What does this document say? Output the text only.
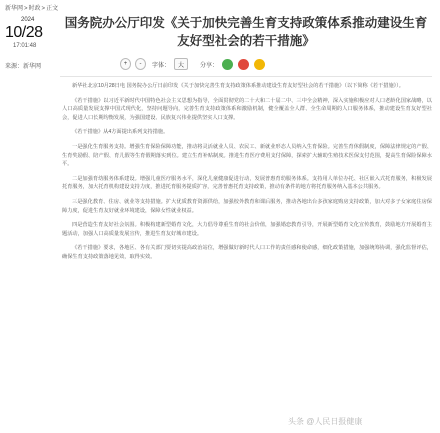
新华网>时政>正文
2024
10/28
17:01:48
来源：新华网
国务院办公厅印发《关于加快完善生育支持政策体系推动建设生育友好型社会的若干措施》
+	-	字体：	大	分享：

新华社北京10月28日电 国务院办公厅日前印发《关于加快完善生育支持政策体系推动建设生育友好型社会的若干措施》（以下简称《若干措施》）。

《若干措施》以习近平新时代中国特色社会主义思想为指导，全面贯彻党的二十大和二十届二中、三中全会精神，深入实施积极应对人口老龄化国家战略，以人口高质量发展支撑中国式现代化，坚持问题导向，完善生育支持政策体系和激励机制，健全覆盖全人群、全生命周期的人口服务体系，推动建设生育友好型社会，促进人口长期均衡发展，为强国建设、民族复兴伟业提供坚实人口支撑。

《若干措施》从4方面提出系列支持措施。

一是强化生育服务支持。增强生育保险保障功能，推动将灵活就业人员、农民工、新就业形态人员纳入生育保险。完善生育休假制度，保障法律规定的产假、生育奖励假、陪产假、育儿假等生育假期落实到位。建立生育补贴制度。推进生育医疗费用支付保障，探索扩大辅助生殖技术医保支付范围，提高生育保险保障水平。

二是加强育幼服务体系建设。增强儿童医疗服务水平，深化儿童健康促进行动，发展普惠育幼服务体系。支持用人单位办托、社区嵌入式托育服务，积极发展托育服务，加大托育机构建设支持力度，推进托育服务提质扩容，完善普惠托育支持政策，推动有条件的地方将托育服务纳入基本公共服务。

三是强化教育、住房、就业等支持措施。扩大优质教育资源供给，加强校外教育和课后服务，推动各地出台多孩家庭购房支持政策，加大对多子女家庭住房保障力度，促进生育友好就业环境建设，保障女性就业权益。

四是营造生育友好社会氛围。积极构建新型婚育文化，大力倡导尊重生育的社会价值，加强婚恋教育引导，开展新型婚育文化宣传教育，鼓励地方开展婚育主题活动，加强人口高质量发展宣传，推进生育友好城市建设。

《若干措施》要求，各地区、各有关部门要切实提高政治站位，增强做好新时代人口工作的责任感和使命感，细化政策措施，加强统筹协调，强化监督评估，确保生育支持政策落地见效，取得实效。

头条 @人民日报健康
